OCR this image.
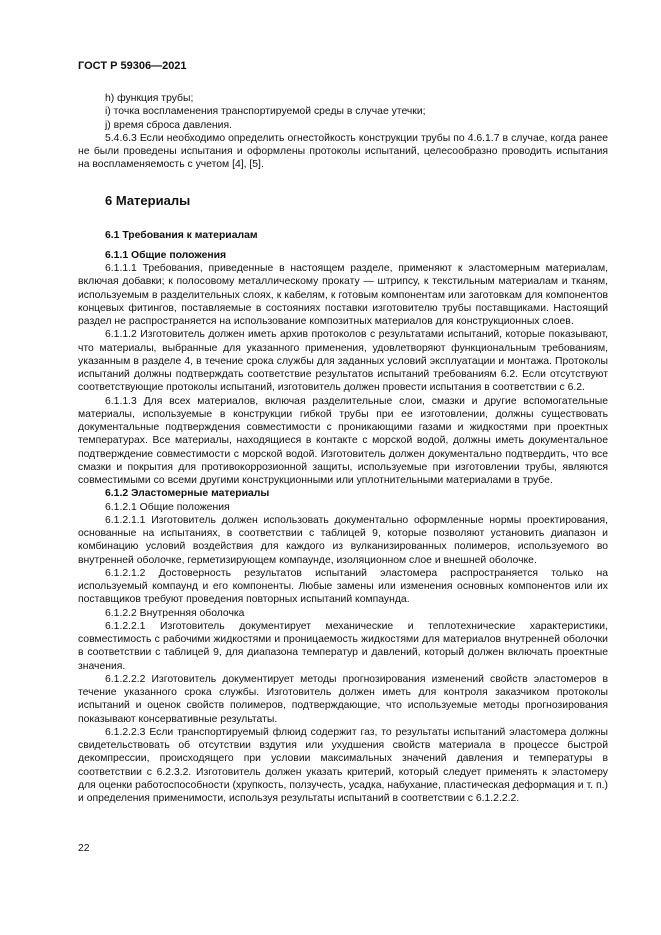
ГОСТ Р 59306—2021

h) функция трубы;

i) точка воспламенения транспортируемой среды в случае утечки;

j) время сброса давления.

5.4.6.3 Если необходимо определить огнестойкость конструкции трубы по 4.6.1.7 в случае, когда ранее не были проведены испытания и оформлены протоколы испытаний, целесообразно проводить испытания на воспламеняемость с учетом [4], [5].

6 Материалы

6.1 Требования к материалам

6.1.1 Общие положения

6.1.1.1 Требования, приведенные в настоящем разделе, применяют к эластомерным материалам, включая добавки; к полосовому металлическому прокату — штрипсу, к текстильным материалам и тканям, используемым в разделительных слоях, к кабелям, к готовым компонентам или заготовкам для компонентов концевых фитингов, поставляемые в состояниях поставки изготовителю трубы поставщиками. Настоящий раздел не распространяется на использование композитных материалов для конструкционных слоев.

6.1.1.2 Изготовитель должен иметь архив протоколов с результатами испытаний, которые показывают, что материалы, выбранные для указанного применения, удовлетворяют функциональным требованиям, указанным в разделе 4, в течение срока службы для заданных условий эксплуатации и монтажа. Протоколы испытаний должны подтверждать соответствие результатов испытаний требованиям 6.2. Если отсутствуют соответствующие протоколы испытаний, изготовитель должен провести испытания в соответствии с 6.2.

6.1.1.3 Для всех материалов, включая разделительные слои, смазки и другие вспомогательные материалы, используемые в конструкции гибкой трубы при ее изготовлении, должны существовать документальные подтверждения совместимости с проникающими газами и жидкостями при проектных температурах. Все материалы, находящиеся в контакте с морской водой, должны иметь документальное подтверждение совместимости с морской водой. Изготовитель должен документально подтвердить, что все смазки и покрытия для противокоррозионной защиты, используемые при изготовлении трубы, являются совместимыми со всеми другими конструкционными или уплотнительными материалами в трубе.

6.1.2 Эластомерные материалы

6.1.2.1 Общие положения

6.1.2.1.1 Изготовитель должен использовать документально оформленные нормы проектирования, основанные на испытаниях, в соответствии с таблицей 9, которые позволяют установить диапазон и комбинацию условий воздействия для каждого из вулканизированных полимеров, используемого во внутренней оболочке, герметизирующем компаунде, изоляционном слое и внешней оболочке.

6.1.2.1.2 Достоверность результатов испытаний эластомера распространяется только на используемый компаунд и его компоненты. Любые замены или изменения основных компонентов или их поставщиков требуют проведения повторных испытаний компаунда.

6.1.2.2 Внутренняя оболочка

6.1.2.2.1 Изготовитель документирует механические и теплотехнические характеристики, совместимость с рабочими жидкостями и проницаемость жидкостями для материалов внутренней оболочки в соответствии с таблицей 9, для диапазона температур и давлений, который должен включать проектные значения.

6.1.2.2.2 Изготовитель документирует методы прогнозирования изменений свойств эластомеров в течение указанного срока службы. Изготовитель должен иметь для контроля заказчиком протоколы испытаний и оценок свойств полимеров, подтверждающие, что используемые методы прогнозирования показывают консервативные результаты.

6.1.2.2.3 Если транспортируемый флюид содержит газ, то результаты испытаний эластомера должны свидетельствовать об отсутствии вздутия или ухудшения свойств материала в процессе быстрой декомпрессии, происходящего при условии максимальных значений давления и температуры в соответствии с 6.2.3.2. Изготовитель должен указать критерий, который следует применять к эластомеру для оценки работоспособности (хрупкость, ползучесть, усадка, набухание, пластическая деформация и т. п.) и определения применимости, используя результаты испытаний в соответствии с 6.1.2.2.2.

22
